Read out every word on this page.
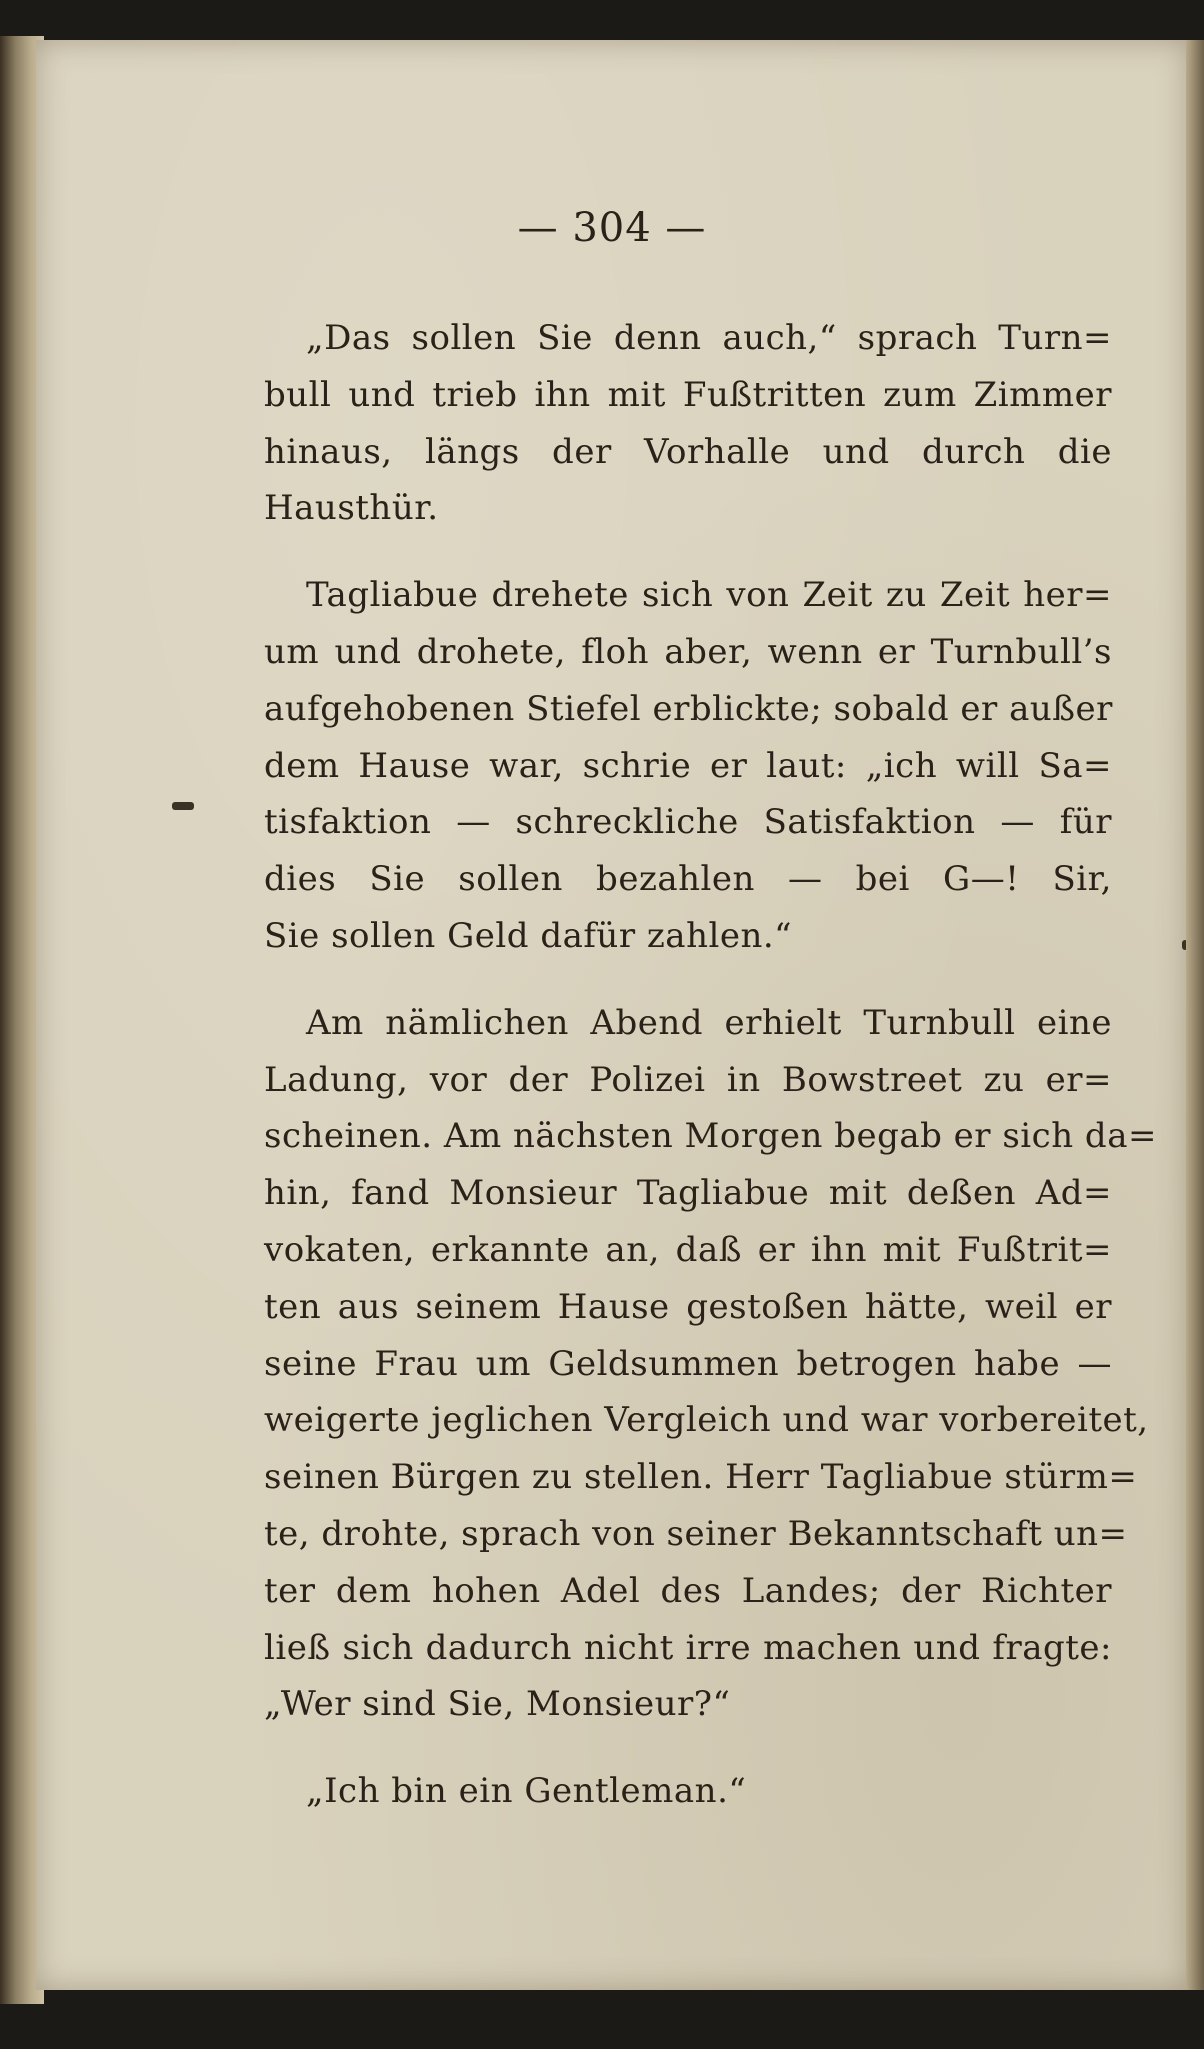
— 304 —
„Das sollen Sie denn auch,“ sprach Turn=
bull und trieb ihn mit Fußtritten zum Zimmer
hinaus, längs der Vorhalle und durch die
Hausthür.
Tagliabue drehete sich von Zeit zu Zeit her=
um und drohete, floh aber, wenn er Turnbull’s
aufgehobenen Stiefel erblickte; sobald er außer
dem Hause war, schrie er laut: „ich will Sa=
tisfaktion — schreckliche Satisfaktion — für
dies Sie sollen bezahlen — bei G—! Sir,
Sie sollen Geld dafür zahlen.“
Am nämlichen Abend erhielt Turnbull eine
Ladung, vor der Polizei in Bowstreet zu er=
scheinen. Am nächsten Morgen begab er sich da=
hin, fand Monsieur Tagliabue mit deßen Ad=
vokaten, erkannte an, daß er ihn mit Fußtrit=
ten aus seinem Hause gestoßen hätte, weil er
seine Frau um Geldsummen betrogen habe —
weigerte jeglichen Vergleich und war vorbereitet,
seinen Bürgen zu stellen. Herr Tagliabue stürm=
te, drohte, sprach von seiner Bekanntschaft un=
ter dem hohen Adel des Landes; der Richter
ließ sich dadurch nicht irre machen und fragte:
„Wer sind Sie, Monsieur?“
„Ich bin ein Gentleman.“
